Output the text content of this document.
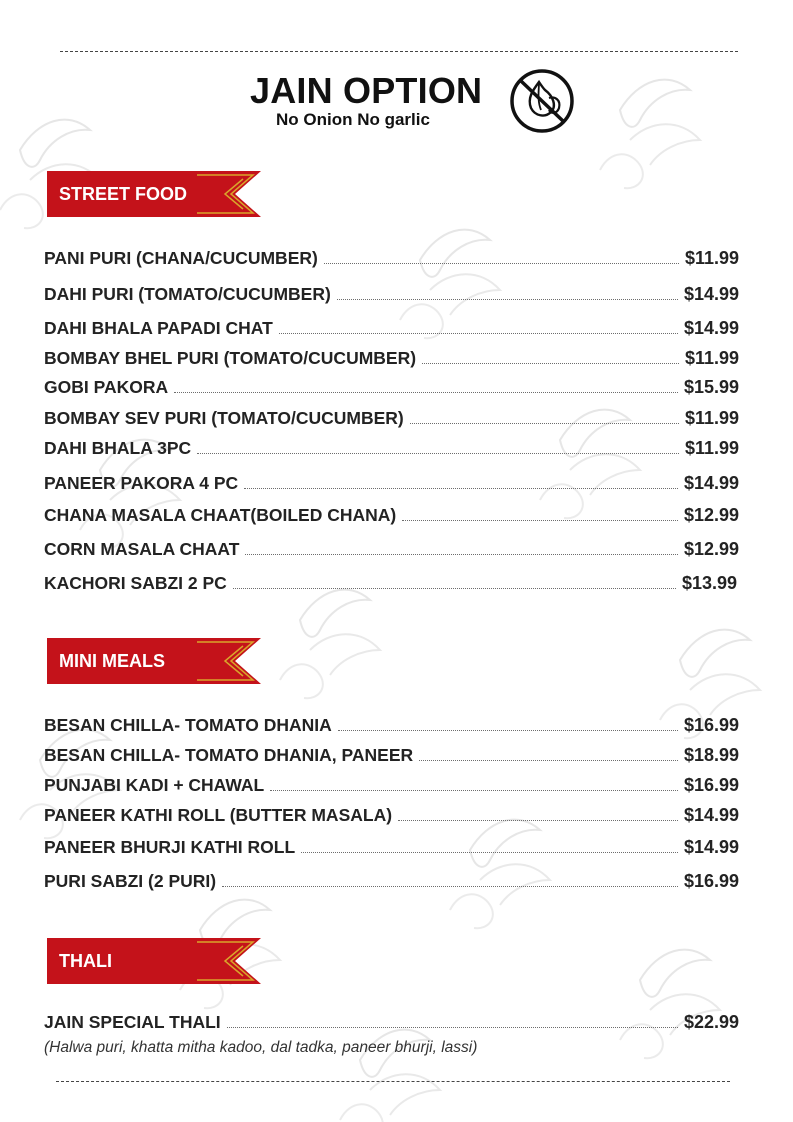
JAIN OPTION
No Onion No garlic
STREET FOOD
PANI PURI (CHANA/CUCUMBER)	$11.99
DAHI PURI (TOMATO/CUCUMBER)	$14.99
DAHI BHALA PAPADI CHAT	$14.99
BOMBAY BHEL PURI (TOMATO/CUCUMBER)	$11.99
GOBI PAKORA	$15.99
BOMBAY SEV PURI (TOMATO/CUCUMBER)	$11.99
DAHI BHALA 3PC	$11.99
PANEER PAKORA 4 PC	$14.99
CHANA MASALA CHAAT(BOILED CHANA)	$12.99
CORN MASALA CHAAT	$12.99
KACHORI SABZI 2 PC	$13.99
MINI MEALS
BESAN CHILLA- TOMATO DHANIA	$16.99
BESAN CHILLA- TOMATO DHANIA, PANEER	$18.99
PUNJABI KADI + CHAWAL	$16.99
PANEER KATHI ROLL (BUTTER MASALA)	$14.99
PANEER BHURJI KATHI ROLL	$14.99
PURI SABZI (2 PURI)	$16.99
THALI
JAIN SPECIAL THALI	$22.99
(Halwa puri, khatta mitha kadoo, dal tadka, paneer bhurji, lassi)
